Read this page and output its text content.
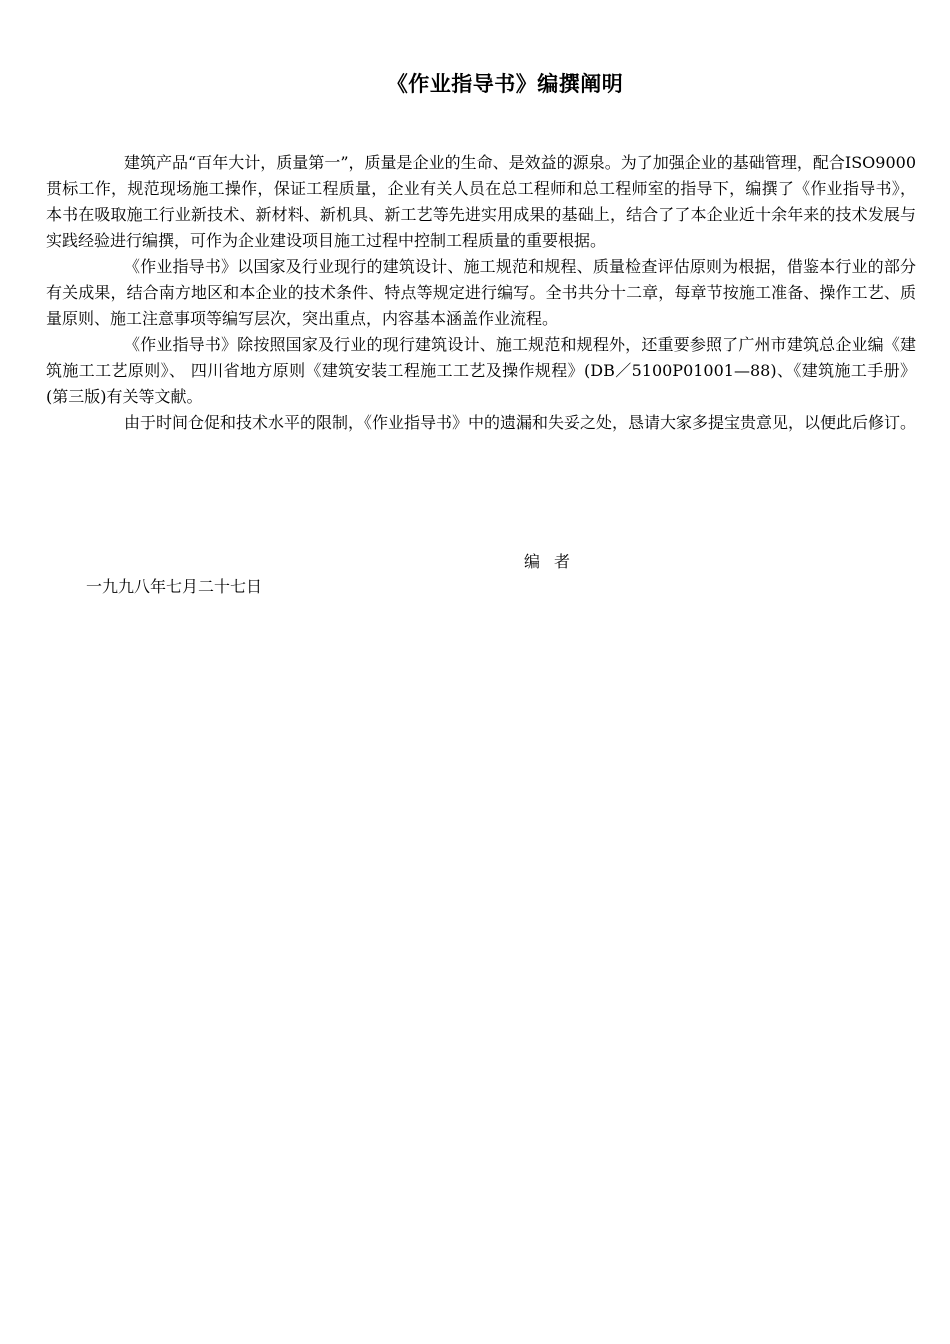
《作业指导书》编撰阐明

建筑产品“百年大计，质量第一”，质量是企业的生命、是效益的源泉。为了加强企业的基础管理，配合ISO9000贯标工作，规范现场施工操作，保证工程质量，企业有关人员在总工程师和总工程师室的指导下，编撰了《作业指导书》，本书在吸取施工行业新技术、新材料、新机具、新工艺等先进实用成果的基础上，结合了了本企业近十余年来的技术发展与实践经验进行编撰，可作为企业建设项目施工过程中控制工程质量的重要根据。

《作业指导书》以国家及行业现行的建筑设计、施工规范和规程、质量检查评估原则为根据，借鉴本行业的部分有关成果，结合南方地区和本企业的技术条件、特点等规定进行编写。全书共分十二章，每章节按施工准备、操作工艺、质量原则、施工注意事项等编写层次，突出重点，内容基本涵盖作业流程。

《作业指导书》除按照国家及行业的现行建筑设计、施工规范和规程外，还重要参照了广州市建筑总企业编《建筑施工工艺原则》、 四川省地方原则《建筑安装工程施工工艺及操作规程》(DB／5100P01001—88)、《建筑施工手册》(第三版)有关等文献。

由于时间仓促和技术水平的限制，《作业指导书》中的遗漏和失妥之处，恳请大家多提宝贵意见，以便此后修订。

编者
一九九八年七月二十七日
